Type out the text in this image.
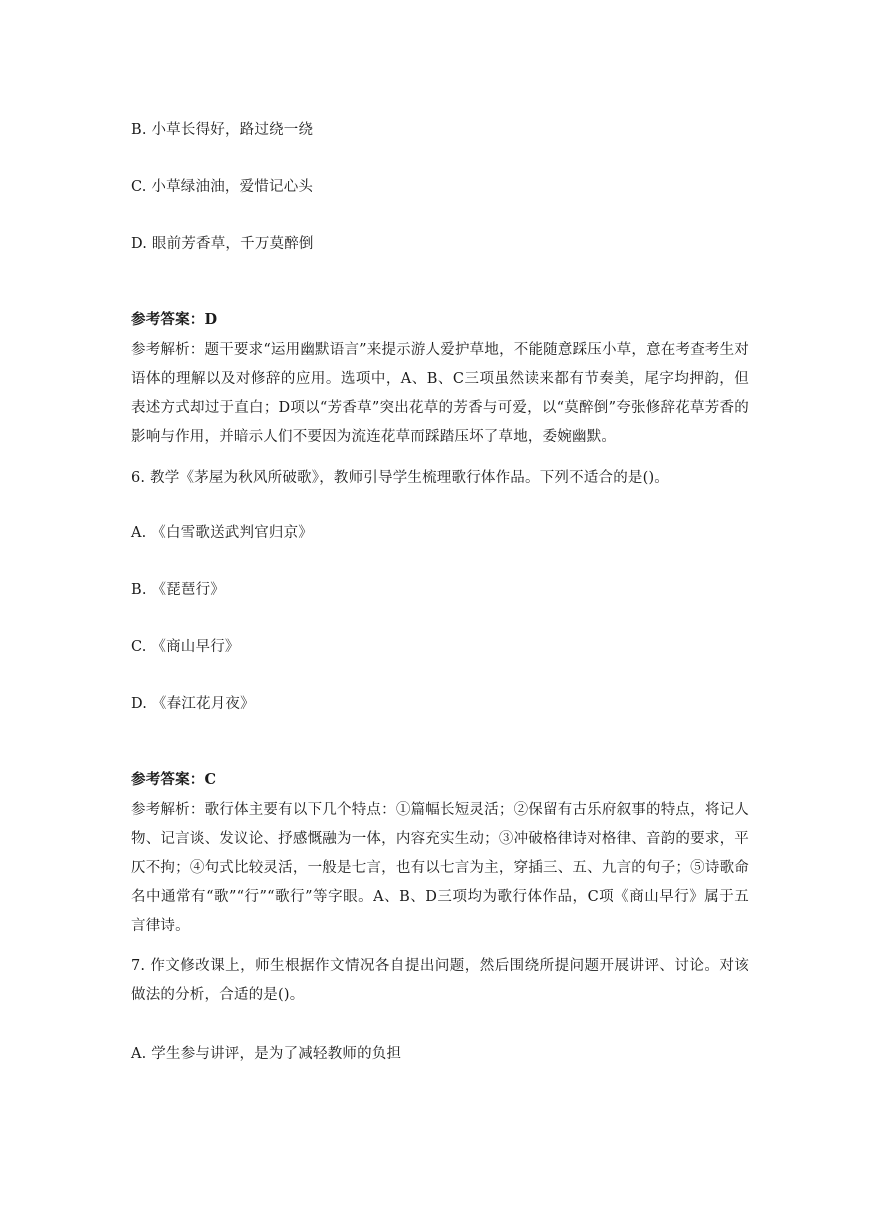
B. 小草长得好，路过绕一绕
C. 小草绿油油，爱惜记心头
D. 眼前芳香草，千万莫醉倒
参考答案：D

参考解析：题干要求“运用幽默语言”来提示游人爱护草地，不能随意踩压小草，意在考查考生对语体的理解以及对修辞的应用。选项中，A、B、C三项虽然读来都有节奏美，尾字均押韵，但表述方式却过于直白；D项以“芳香草”突出花草的芳香与可爱，以“莫醉倒”夸张修辞花草芳香的影响与作用，并暗示人们不要因为流连花草而踩踏压坏了草地，委婉幽默。

6. 教学《茅屋为秋风所破歌》，教师引导学生梳理歌行体作品。下列不适合的是()。

A. 《白雪歌送武判官归京》
B. 《琵琶行》
C. 《商山早行》
D. 《春江花月夜》
参考答案：C

参考解析：歌行体主要有以下几个特点：①篇幅长短灵活；②保留有古乐府叙事的特点，将记人物、记言谈、发议论、抒感慨融为一体，内容充实生动；③冲破格律诗对格律、音韵的要求，平仄不拘；④句式比较灵活，一般是七言，也有以七言为主，穿插三、五、九言的句子；⑤诗歌命名中通常有“歌”“行”“歌行”等字眼。A、B、D三项均为歌行体作品，C项《商山早行》属于五言律诗。

7. 作文修改课上，师生根据作文情况各自提出问题，然后围绕所提问题开展讲评、讨论。对该做法的分析，合适的是()。

A. 学生参与讲评，是为了减轻教师的负担
